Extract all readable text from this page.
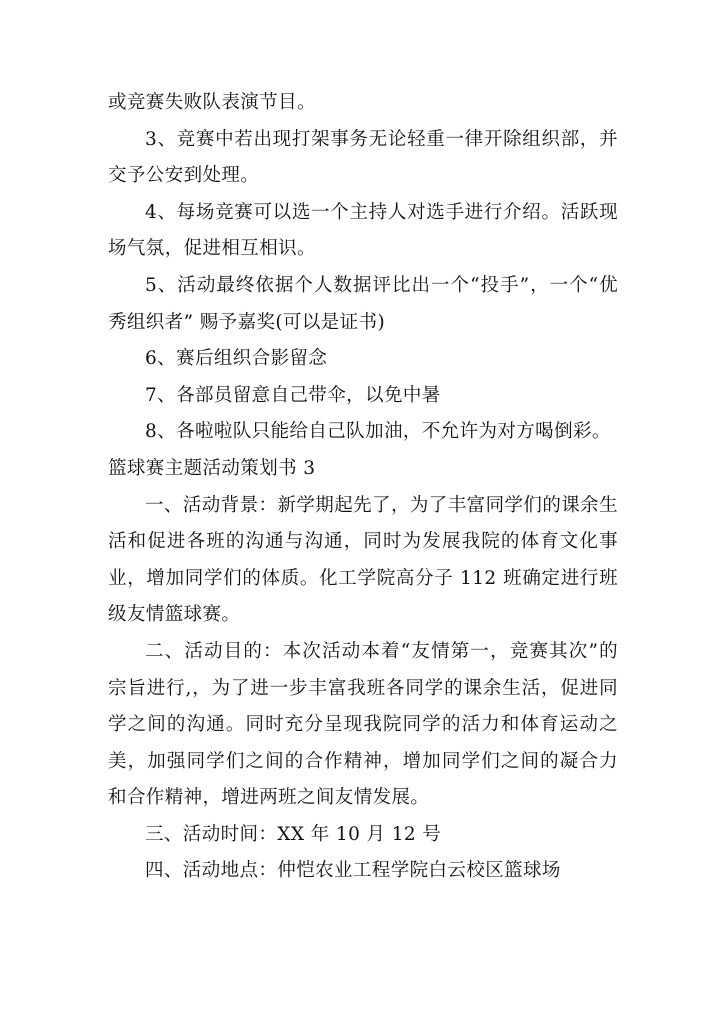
或竞赛失败队表演节目。

3、竞赛中若出现打架事务无论轻重一律开除组织部，并交予公安到处理。

4、每场竞赛可以选一个主持人对选手进行介绍。活跃现场气氛，促进相互相识。

5、活动最终依据个人数据评比出一个“投手”，一个“优秀组织者” 赐予嘉奖(可以是证书)

6、赛后组织合影留念

7、各部员留意自己带伞，以免中暑

8、各啦啦队只能给自己队加油，不允许为对方喝倒彩。

篮球赛主题活动策划书 3

一、活动背景：新学期起先了，为了丰富同学们的课余生活和促进各班的沟通与沟通，同时为发展我院的体育文化事业，增加同学们的体质。化工学院高分子 112 班确定进行班级友情篮球赛。

二、活动目的：本次活动本着“友情第一，竞赛其次”的宗旨进行,，为了进一步丰富我班各同学的课余生活，促进同学之间的沟通。同时充分呈现我院同学的活力和体育运动之美，加强同学们之间的合作精神，增加同学们之间的凝合力和合作精神，增进两班之间友情发展。

三、活动时间：XX 年 10 月 12 号

四、活动地点：仲恺农业工程学院白云校区篮球场
